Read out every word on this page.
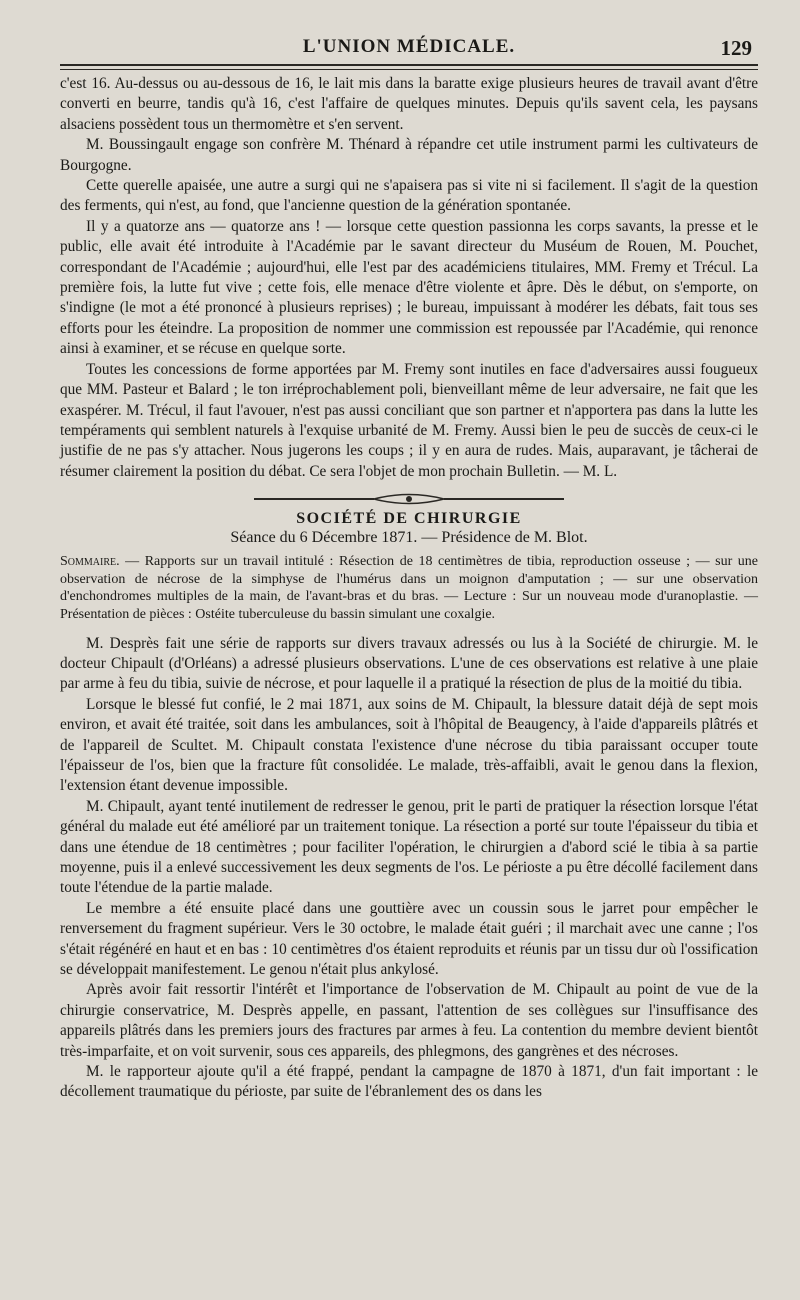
L'UNION MÉDICALE.	129

c'est 16. Au-dessus ou au-dessous de 16, le lait mis dans la baratte exige plusieurs heures de travail avant d'être converti en beurre, tandis qu'à 16, c'est l'affaire de quelques minutes. Depuis qu'ils savent cela, les paysans alsaciens possèdent tous un thermomètre et s'en servent.

M. Boussingault engage son confrère M. Thénard à répandre cet utile instrument parmi les cultivateurs de Bourgogne.

Cette querelle apaisée, une autre a surgi qui ne s'apaisera pas si vite ni si facilement. Il s'agit de la question des ferments, qui n'est, au fond, que l'ancienne question de la génération spontanée.

Il y a quatorze ans — quatorze ans ! — lorsque cette question passionna les corps savants, la presse et le public, elle avait été introduite à l'Académie par le savant directeur du Muséum de Rouen, M. Pouchet, correspondant de l'Académie ; aujourd'hui, elle l'est par des académiciens titulaires, MM. Fremy et Trécul. La première fois, la lutte fut vive ; cette fois, elle menace d'être violente et âpre. Dès le début, on s'emporte, on s'indigne (le mot a été prononcé à plusieurs reprises) ; le bureau, impuissant à modérer les débats, fait tous ses efforts pour les éteindre. La proposition de nommer une commission est repoussée par l'Académie, qui renonce ainsi à examiner, et se récuse en quelque sorte.

Toutes les concessions de forme apportées par M. Fremy sont inutiles en face d'adversaires aussi fougueux que MM. Pasteur et Balard ; le ton irréprochablement poli, bienveillant même de leur adversaire, ne fait que les exaspérer. M. Trécul, il faut l'avouer, n'est pas aussi conciliant que son partner et n'apportera pas dans la lutte les tempéraments qui semblent naturels à l'exquise urbanité de M. Fremy. Aussi bien le peu de succès de ceux-ci le justifie de ne pas s'y attacher. Nous jugerons les coups ; il y en aura de rudes. Mais, auparavant, je tâcherai de résumer clairement la position du débat. Ce sera l'objet de mon prochain Bulletin. — M. L.

SOCIÉTÉ DE CHIRURGIE
Séance du 6 Décembre 1871. — Présidence de M. Blot.
Sommaire. — Rapports sur un travail intitulé : Résection de 18 centimètres de tibia, reproduction osseuse ; — sur une observation de nécrose de la simphyse de l'humérus dans un moignon d'amputation ; — sur une observation d'enchondromes multiples de la main, de l'avant-bras et du bras. — Lecture : Sur un nouveau mode d'uranoplastie. — Présentation de pièces : Ostéite tuberculeuse du bassin simulant une coxalgie.

M. Desprès fait une série de rapports sur divers travaux adressés ou lus à la Société de chirurgie. M. le docteur Chipault (d'Orléans) a adressé plusieurs observations. L'une de ces observations est relative à une plaie par arme à feu du tibia, suivie de nécrose, et pour laquelle il a pratiqué la résection de plus de la moitié du tibia.

Lorsque le blessé fut confié, le 2 mai 1871, aux soins de M. Chipault, la blessure datait déjà de sept mois environ, et avait été traitée, soit dans les ambulances, soit à l'hôpital de Beaugency, à l'aide d'appareils plâtrés et de l'appareil de Scultet. M. Chipault constata l'existence d'une nécrose du tibia paraissant occuper toute l'épaisseur de l'os, bien que la fracture fût consolidée. Le malade, très-affaibli, avait le genou dans la flexion, l'extension étant devenue impossible.

M. Chipault, ayant tenté inutilement de redresser le genou, prit le parti de pratiquer la résection lorsque l'état général du malade eut été amélioré par un traitement tonique. La résection a porté sur toute l'épaisseur du tibia et dans une étendue de 18 centimètres ; pour faciliter l'opération, le chirurgien a d'abord scié le tibia à sa partie moyenne, puis il a enlevé successivement les deux segments de l'os. Le périoste a pu être décollé facilement dans toute l'étendue de la partie malade.

Le membre a été ensuite placé dans une gouttière avec un coussin sous le jarret pour empêcher le renversement du fragment supérieur. Vers le 30 octobre, le malade était guéri ; il marchait avec une canne ; l'os s'était régénéré en haut et en bas : 10 centimètres d'os étaient reproduits et réunis par un tissu dur où l'ossification se développait manifestement. Le genou n'était plus ankylosé.

Après avoir fait ressortir l'intérêt et l'importance de l'observation de M. Chipault au point de vue de la chirurgie conservatrice, M. Desprès appelle, en passant, l'attention de ses collègues sur l'insuffisance des appareils plâtrés dans les premiers jours des fractures par armes à feu. La contention du membre devient bientôt très-imparfaite, et on voit survenir, sous ces appareils, des phlegmons, des gangrènes et des nécroses.

M. le rapporteur ajoute qu'il a été frappé, pendant la campagne de 1870 à 1871, d'un fait important : le décollement traumatique du périoste, par suite de l'ébranlement des os dans les
